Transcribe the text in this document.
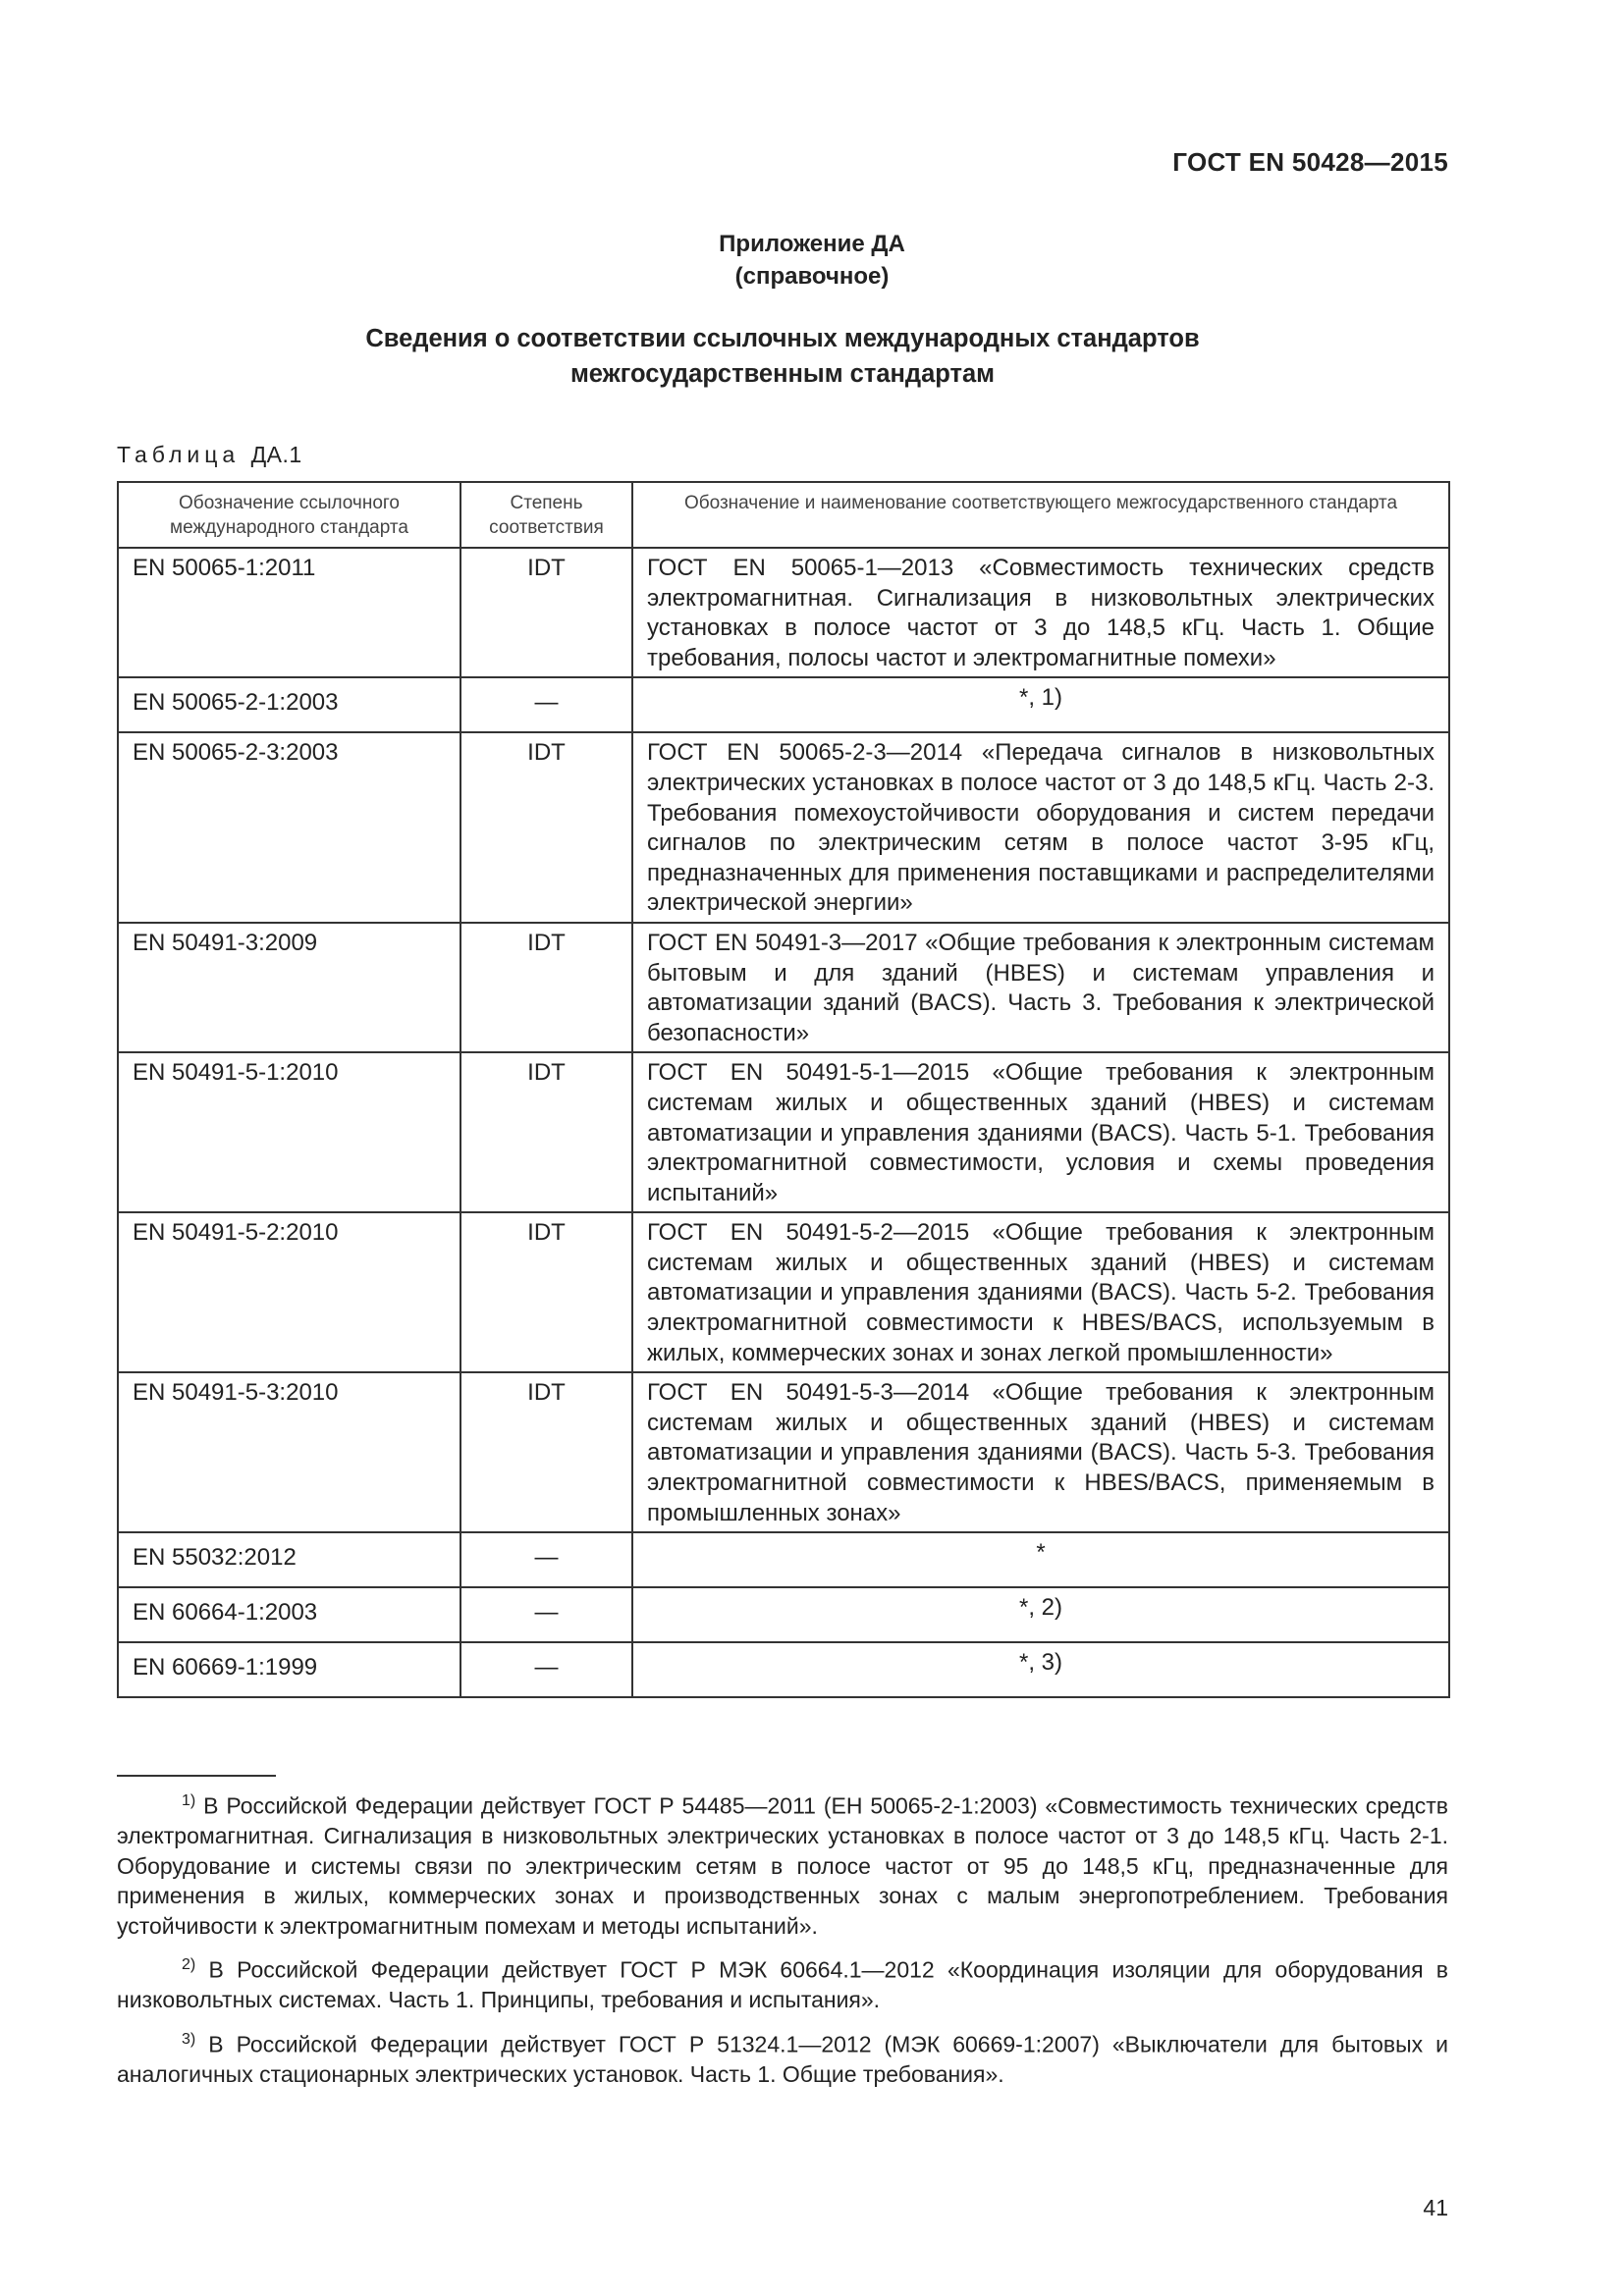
ГОСТ EN 50428—2015
Приложение ДА
(справочное)
Сведения о соответствии ссылочных международных стандартов
межгосударственным стандартам
Таблица ДА.1
Обозначение ссылочного международного стандарта	Степень соответствия	Обозначение и наименование соответствующего межгосударственного стандарта
EN 50065-1:2011	IDT	ГОСТ EN 50065-1—2013 «Совместимость технических средств электромагнитная. Сигнализация в низковольтных электрических установках в полосе частот от 3 до 148,5 кГц. Часть 1. Общие требования, полосы частот и электромагнитные помехи»
EN 50065-2-1:2003	—	*, 1)
EN 50065-2-3:2003	IDT	ГОСТ EN 50065-2-3—2014 «Передача сигналов в низковольтных электрических установках в полосе частот от 3 до 148,5 кГц. Часть 2-3. Требования помехоустойчивости оборудования и систем передачи сигналов по электрическим сетям в полосе частот 3-95 кГц, предназначенных для применения поставщиками и распределителями электрической энергии»
EN 50491-3:2009	IDT	ГОСТ EN 50491-3—2017 «Общие требования к электронным системам бытовым и для зданий (HBES) и системам управления и автоматизации зданий (BACS). Часть 3. Требования к электрической безопасности»
EN 50491-5-1:2010	IDT	ГОСТ EN 50491-5-1—2015 «Общие требования к электронным системам жилых и общественных зданий (HBES) и системам автоматизации и управления зданиями (BACS). Часть 5-1. Требования электромагнитной совместимости, условия и схемы проведения испытаний»
EN 50491-5-2:2010	IDT	ГОСТ EN 50491-5-2—2015 «Общие требования к электронным системам жилых и общественных зданий (HBES) и системам автоматизации и управления зданиями (BACS). Часть 5-2. Требования электромагнитной совместимости к HBES/BACS, используемым в жилых, коммерческих зонах и зонах легкой промышленности»
EN 50491-5-3:2010	IDT	ГОСТ EN 50491-5-3—2014 «Общие требования к электронным системам жилых и общественных зданий (HBES) и системам автоматизации и управления зданиями (BACS). Часть 5-3. Требования электромагнитной совместимости к HBES/BACS, применяемым в промышленных зонах»
EN 55032:2012	—	*
EN 60664-1:2003	—	*, 2)
EN 60669-1:1999	—	*, 3)

$^{1)}$ В Российской Федерации действует ГОСТ Р 54485—2011 (ЕН 50065-2-1:2003) «Совместимость технических средств электромагнитная. Сигнализация в низковольтных электрических установках в полосе частот от 3 до 148,5 кГц. Часть 2-1. Оборудование и системы связи по электрическим сетям в полосе частот от 95 до 148,5 кГц, предназначенные для применения в жилых, коммерческих зонах и производственных зонах с малым энергопотреблением. Требования устойчивости к электромагнитным помехам и методы испытаний».

$^{2)}$ В Российской Федерации действует ГОСТ Р МЭК 60664.1—2012 «Координация изоляции для оборудования в низковольтных системах. Часть 1. Принципы, требования и испытания».

$^{3)}$ В Российской Федерации действует ГОСТ Р 51324.1—2012 (МЭК 60669-1:2007) «Выключатели для бытовых и аналогичных стационарных электрических установок. Часть 1. Общие требования».

41
